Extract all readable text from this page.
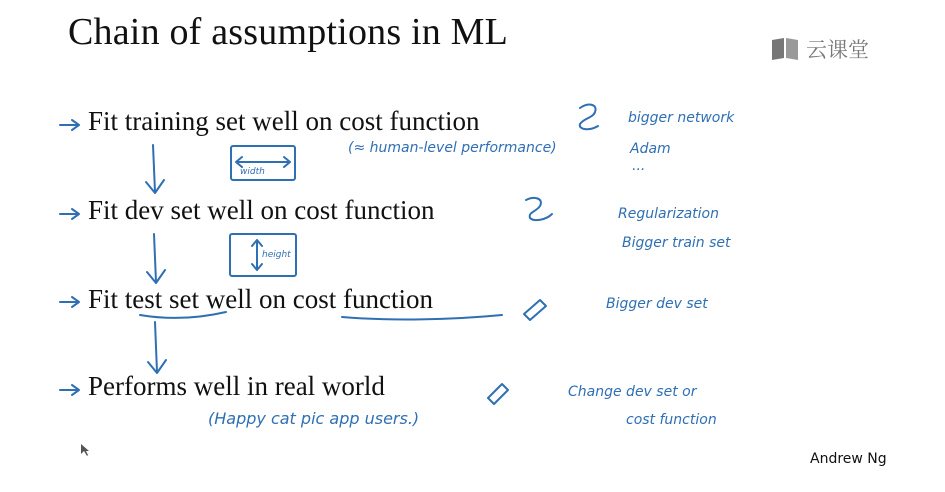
Chain of assumptions in ML	云课堂
Fit training set well on cost function
Fit dev set well on cost function
Fit test set well on cost function
Performs well in real world
(≈ human-level performance)
bigger network
Adam
...
Regularization
Bigger train set
Bigger dev set
Change dev set or
cost function
(Happy cat pic app users.)
width
height
Andrew Ng
